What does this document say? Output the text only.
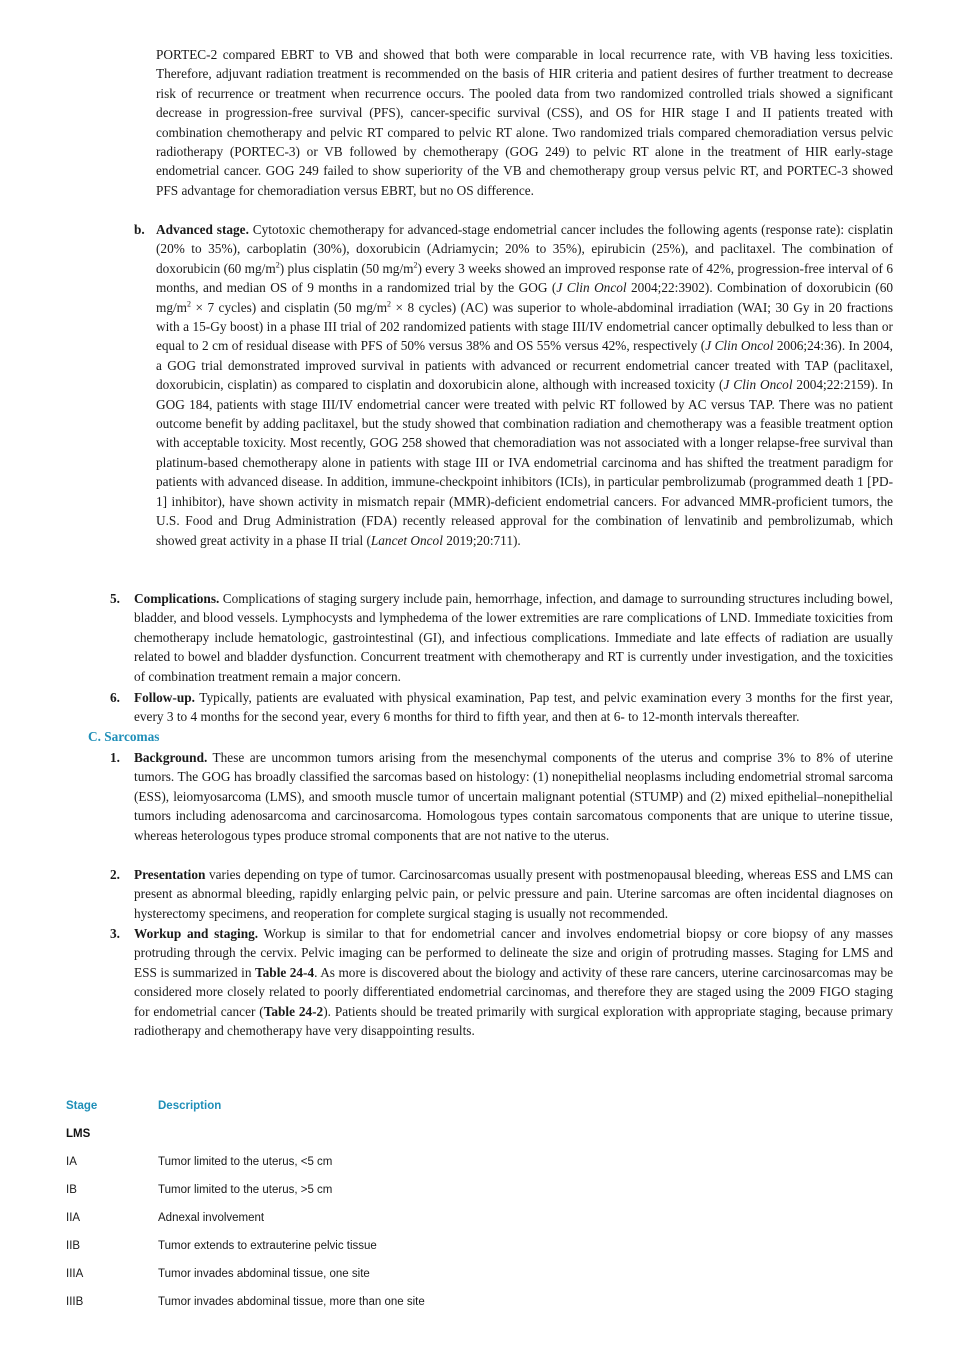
PORTEC-2 compared EBRT to VB and showed that both were comparable in local recurrence rate, with VB having less toxicities. Therefore, adjuvant radiation treatment is recommended on the basis of HIR criteria and patient desires of further treatment to decrease risk of recurrence or treatment when recurrence occurs. The pooled data from two randomized controlled trials showed a significant decrease in progression-free survival (PFS), cancer-specific survival (CSS), and OS for HIR stage I and II patients treated with combination chemotherapy and pelvic RT compared to pelvic RT alone. Two randomized trials compared chemoradiation versus pelvic radiotherapy (PORTEC-3) or VB followed by chemotherapy (GOG 249) to pelvic RT alone in the treatment of HIR early-stage endometrial cancer. GOG 249 failed to show superiority of the VB and chemotherapy group versus pelvic RT, and PORTEC-3 showed PFS advantage for chemoradiation versus EBRT, but no OS difference.
b. Advanced stage. Cytotoxic chemotherapy for advanced-stage endometrial cancer includes the following agents (response rate): cisplatin (20% to 35%), carboplatin (30%), doxorubicin (Adriamycin; 20% to 35%), epirubicin (25%), and paclitaxel. The combination of doxorubicin (60 $mg/m^2$) plus cisplatin (50 $mg/m^2$) every 3 weeks showed an improved response rate of 42%, progression-free interval of 6 months, and median OS of 9 months in a randomized trial by the GOG (J Clin Oncol 2004;22:3902). Combination of doxorubicin (60 $mg/m^2 \times 7$ cycles) and cisplatin (50 $mg/m^2 \times 8$ cycles) (AC) was superior to whole-abdominal irradiation (WAI; 30 Gy in 20 fractions with a 15-Gy boost) in a phase III trial of 202 randomized patients with stage III/IV endometrial cancer optimally debulked to less than or equal to 2 cm of residual disease with PFS of 50% versus 38% and OS 55% versus 42%, respectively (J Clin Oncol 2006;24:36). In 2004, a GOG trial demonstrated improved survival in patients with advanced or recurrent endometrial cancer treated with TAP (paclitaxel, doxorubicin, cisplatin) as compared to cisplatin and doxorubicin alone, although with increased toxicity (J Clin Oncol 2004;22:2159). In GOG 184, patients with stage III/IV endometrial cancer were treated with pelvic RT followed by AC versus TAP. There was no patient outcome benefit by adding paclitaxel, but the study showed that combination radiation and chemotherapy was a feasible treatment option with acceptable toxicity. Most recently, GOG 258 showed that chemoradiation was not associated with a longer relapse-free survival than platinum-based chemotherapy alone in patients with stage III or IVA endometrial carcinoma and has shifted the treatment paradigm for patients with advanced disease. In addition, immune-checkpoint inhibitors (ICIs), in particular pembrolizumab (programmed death 1 [PD-1] inhibitor), have shown activity in mismatch repair (MMR)-deficient endometrial cancers. For advanced MMR-proficient tumors, the U.S. Food and Drug Administration (FDA) recently released approval for the combination of lenvatinib and pembrolizumab, which showed great activity in a phase II trial (Lancet Oncol 2019;20:711).
5. Complications. Complications of staging surgery include pain, hemorrhage, infection, and damage to surrounding structures including bowel, bladder, and blood vessels. Lymphocysts and lymphedema of the lower extremities are rare complications of LND. Immediate toxicities from chemotherapy include hematologic, gastrointestinal (GI), and infectious complications. Immediate and late effects of radiation are usually related to bowel and bladder dysfunction. Concurrent treatment with chemotherapy and RT is currently under investigation, and the toxicities of combination treatment remain a major concern.
6. Follow-up. Typically, patients are evaluated with physical examination, Pap test, and pelvic examination every 3 months for the first year, every 3 to 4 months for the second year, every 6 months for third to fifth year, and then at 6- to 12-month intervals thereafter.
C. Sarcomas
1. Background. These are uncommon tumors arising from the mesenchymal components of the uterus and comprise 3% to 8% of uterine tumors. The GOG has broadly classified the sarcomas based on histology: (1) nonepithelial neoplasms including endometrial stromal sarcoma (ESS), leiomyosarcoma (LMS), and smooth muscle tumor of uncertain malignant potential (STUMP) and (2) mixed epithelial–nonepithelial tumors including adenosarcoma and carcinosarcoma. Homologous types contain sarcomatous components that are unique to uterine tissue, whereas heterologous types produce stromal components that are not native to the uterus.
2. Presentation varies depending on type of tumor. Carcinosarcomas usually present with postmenopausal bleeding, whereas ESS and LMS can present as abnormal bleeding, rapidly enlarging pelvic pain, or pelvic pressure and pain. Uterine sarcomas are often incidental diagnoses on hysterectomy specimens, and reoperation for complete surgical staging is usually not recommended.
3. Workup and staging. Workup is similar to that for endometrial cancer and involves endometrial biopsy or core biopsy of any masses protruding through the cervix. Pelvic imaging can be performed to delineate the size and origin of protruding masses. Staging for LMS and ESS is summarized in Table 24-4. As more is discovered about the biology and activity of these rare cancers, uterine carcinosarcomas may be considered more closely related to poorly differentiated endometrial carcinomas, and therefore they are staged using the 2009 FIGO staging for endometrial cancer (Table 24-2). Patients should be treated primarily with surgical exploration with appropriate staging, because primary radiotherapy and chemotherapy have very disappointing results.
Stage	Description
LMS
IA	Tumor limited to the uterus, <5 cm
IB	Tumor limited to the uterus, >5 cm
IIA	Adnexal involvement
IIB	Tumor extends to extrauterine pelvic tissue
IIIA	Tumor invades abdominal tissue, one site
IIIB	Tumor invades abdominal tissue, more than one site
